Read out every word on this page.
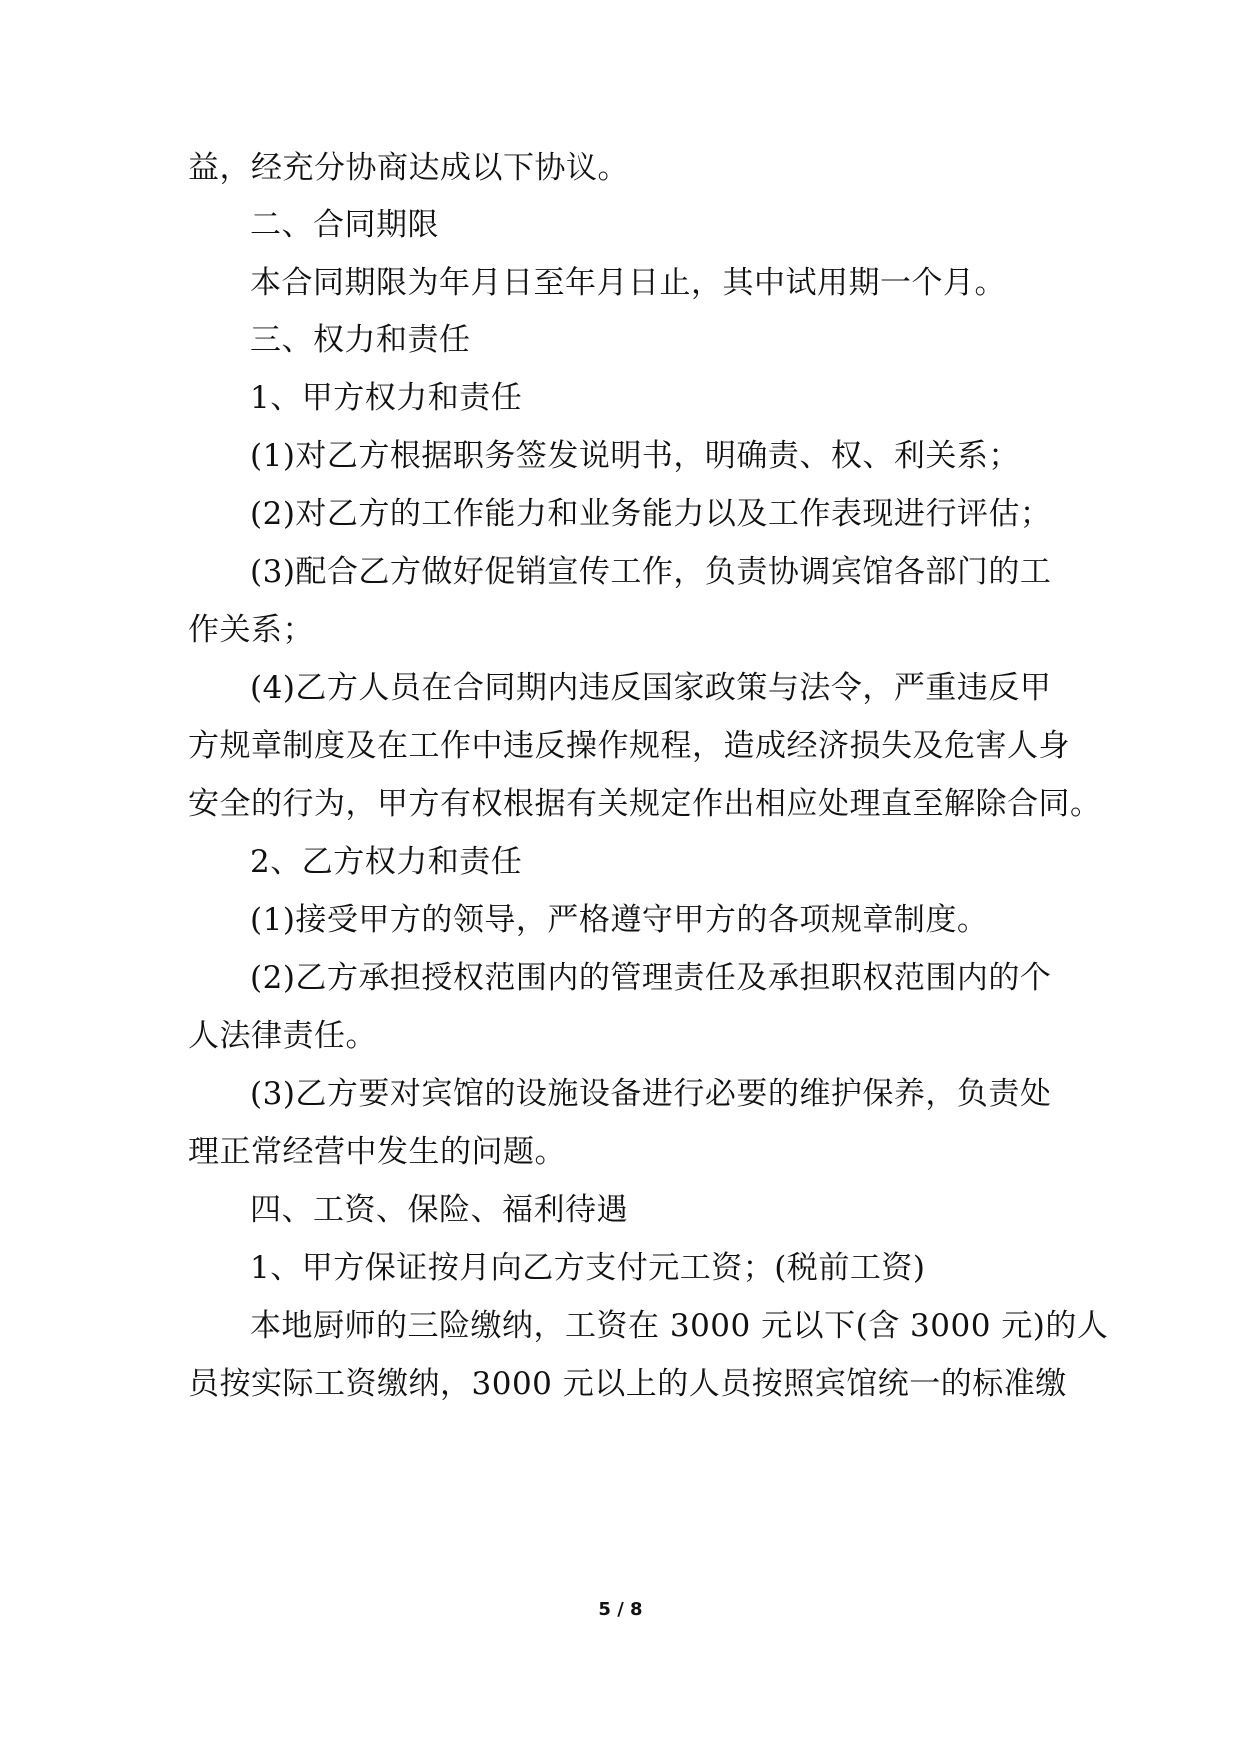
益，经充分协商达成以下协议。
二、合同期限
本合同期限为年月日至年月日止，其中试用期一个月。
三、权力和责任
1、甲方权力和责任
(1)对乙方根据职务签发说明书，明确责、权、利关系；
(2)对乙方的工作能力和业务能力以及工作表现进行评估；
(3)配合乙方做好促销宣传工作，负责协调宾馆各部门的工
作关系；
(4)乙方人员在合同期内违反国家政策与法令，严重违反甲
方规章制度及在工作中违反操作规程，造成经济损失及危害人身
安全的行为，甲方有权根据有关规定作出相应处理直至解除合同。
2、乙方权力和责任
(1)接受甲方的领导，严格遵守甲方的各项规章制度。
(2)乙方承担授权范围内的管理责任及承担职权范围内的个
人法律责任。
(3)乙方要对宾馆的设施设备进行必要的维护保养，负责处
理正常经营中发生的问题。
四、工资、保险、福利待遇
1、甲方保证按月向乙方支付元工资；(税前工资)
本地厨师的三险缴纳，工资在 3000 元以下(含 3000 元)的人
员按实际工资缴纳，3000 元以上的人员按照宾馆统一的标准缴
5 / 8
